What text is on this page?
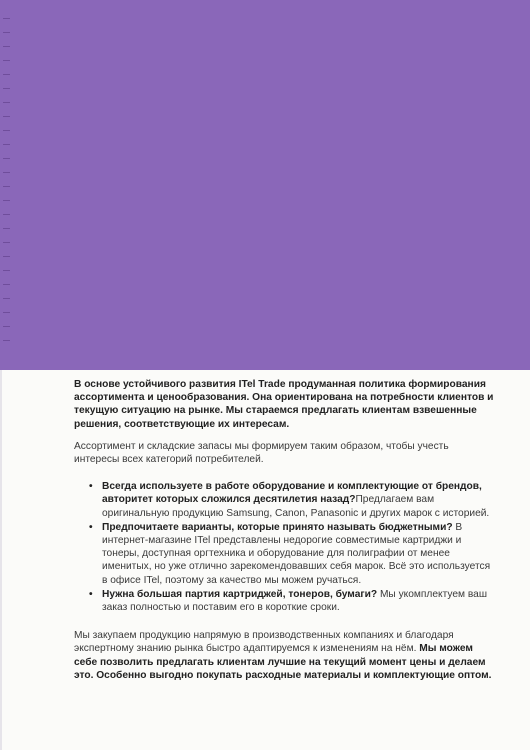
В основе устойчивого развития ITel Trade продуманная политика формирования ассортимента и ценообразования. Она ориентирована на потребности клиентов и текущую ситуацию на рынке. Мы стараемся предлагать клиентам взвешенные решения, соответствующие их интересам.

Ассортимент и складские запасы мы формируем таким образом, чтобы учесть интересы всех категорий потребителей.

• Всегда используете в работе оборудование и комплектующие от брендов, авторитет которых сложился десятилетия назад?Предлагаем вам оригинальную продукцию Samsung, Canon, Panasonic и других марок с историей.
• Предпочитаете варианты, которые принято называть бюджетными? В интернет-магазине ITel представлены недорогие совместимые картриджи и тонеры, доступная оргтехника и оборудование для полиграфии от менее именитых, но уже отлично зарекомендовавших себя марок. Всё это используется в офисе ITel, поэтому за качество мы можем ручаться.
• Нужна большая партия картриджей, тонеров, бумаги? Мы укомплектуем ваш заказ полностью и поставим его в короткие сроки.

Мы закупаем продукцию напрямую в производственных компаниях и благодаря экспертному знанию рынка быстро адаптируемся к изменениям на нём. Мы можем себе позволить предлагать клиентам лучшие на текущий момент цены и делаем это. Особенно выгодно покупать расходные материалы и комплектующие оптом.
